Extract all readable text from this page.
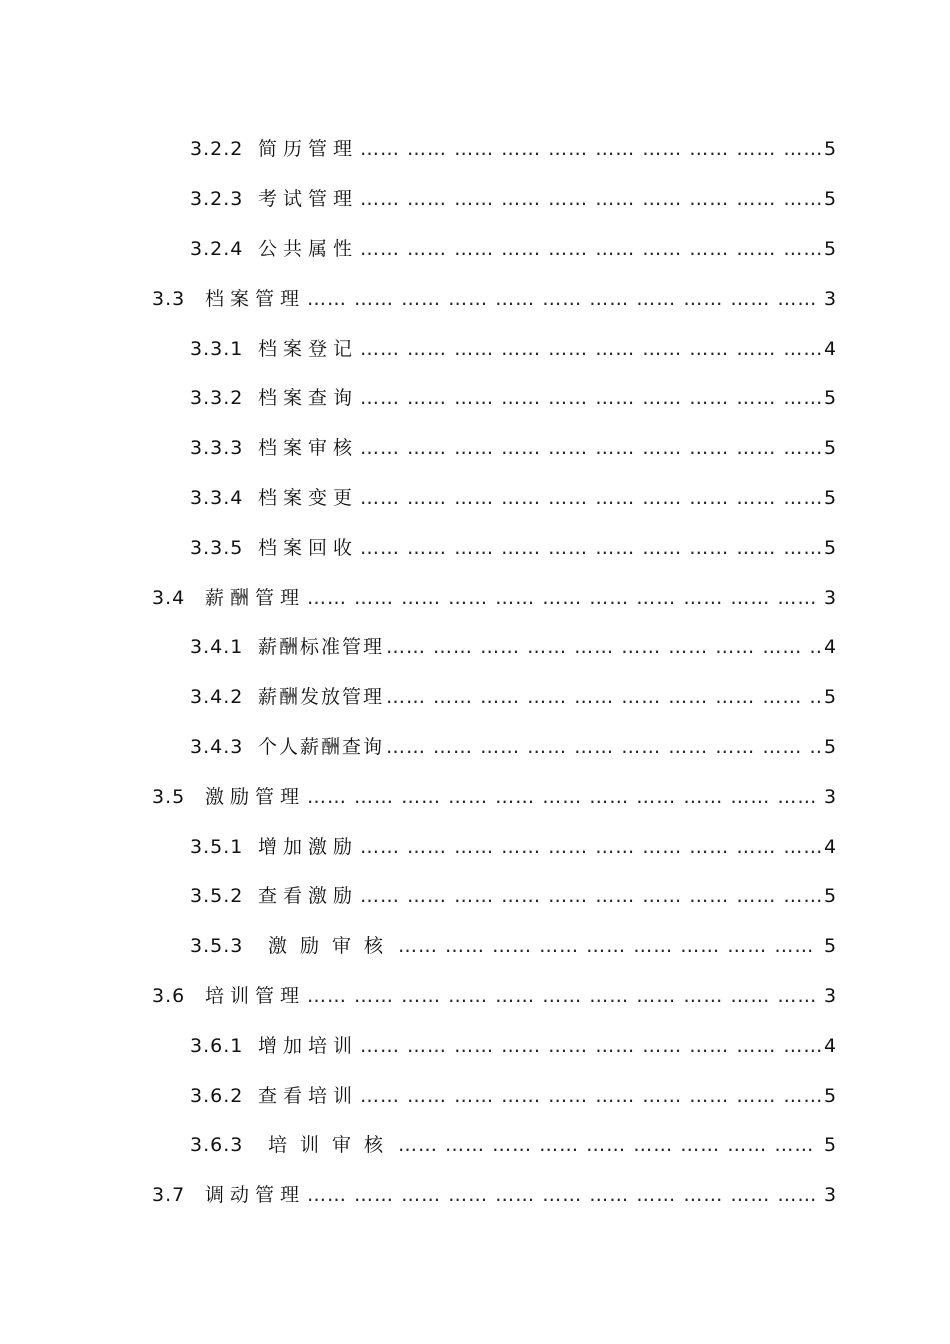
3.2.2 简历管理 …… …… …… …… …… …… …… …… …… …… …… …… …… …… …… …… …… …… …… …… …… …… …… …… …… ……	5
3.2.3 考试管理 …… …… …… …… …… …… …… …… …… …… …… …… …… …… …… …… …… …… …… …… …… …… …… …… …… ……	5
3.2.4 公共属性 …… …… …… …… …… …… …… …… …… …… …… …… …… …… …… …… …… …… …… …… …… …… …… …… …… ……	5
3.3	档案管理 …… …… …… …… …… …… …… …… …… …… …… …… …… …… …… …… …… …… …… …… …… …… …… …… …… ……	3
3.3.1 档案登记 …… …… …… …… …… …… …… …… …… …… …… …… …… …… …… …… …… …… …… …… …… …… …… …… …… ……	4
3.3.2 档案查询 …… …… …… …… …… …… …… …… …… …… …… …… …… …… …… …… …… …… …… …… …… …… …… …… …… ……	5
3.3.3 档案审核 …… …… …… …… …… …… …… …… …… …… …… …… …… …… …… …… …… …… …… …… …… …… …… …… …… ……	5
3.3.4 档案变更 …… …… …… …… …… …… …… …… …… …… …… …… …… …… …… …… …… …… …… …… …… …… …… …… …… ……	5
3.3.5 档案回收 …… …… …… …… …… …… …… …… …… …… …… …… …… …… …… …… …… …… …… …… …… …… …… …… …… ……	5
3.4	薪酬管理 …… …… …… …… …… …… …… …… …… …… …… …… …… …… …… …… …… …… …… …… …… …… …… …… …… ……	3
3.4.1 薪酬标准管理 …… …… …… …… …… …… …… …… …… …… …… …… …… …… …… …… …… …… …… …… …… …… …… …… …… ……	4
3.4.2 薪酬发放管理 …… …… …… …… …… …… …… …… …… …… …… …… …… …… …… …… …… …… …… …… …… …… …… …… …… ……	5
3.4.3 个人薪酬查询 …… …… …… …… …… …… …… …… …… …… …… …… …… …… …… …… …… …… …… …… …… …… …… …… …… ……	5
3.5	激励管理 …… …… …… …… …… …… …… …… …… …… …… …… …… …… …… …… …… …… …… …… …… …… …… …… …… ……	3
3.5.1 增加激励 …… …… …… …… …… …… …… …… …… …… …… …… …… …… …… …… …… …… …… …… …… …… …… …… …… ……	4
3.5.2 查看激励 …… …… …… …… …… …… …… …… …… …… …… …… …… …… …… …… …… …… …… …… …… …… …… …… …… ……	5
3.5.3	激励审核 …… …… …… …… …… …… …… …… …… …… …… …… …… …… …… …… …… …… …… …… …… …… …… …… …… ……	5
3.6	培训管理 …… …… …… …… …… …… …… …… …… …… …… …… …… …… …… …… …… …… …… …… …… …… …… …… …… ……	3
3.6.1 增加培训 …… …… …… …… …… …… …… …… …… …… …… …… …… …… …… …… …… …… …… …… …… …… …… …… …… ……	4
3.6.2 查看培训 …… …… …… …… …… …… …… …… …… …… …… …… …… …… …… …… …… …… …… …… …… …… …… …… …… ……	5
3.6.3	培训审核 …… …… …… …… …… …… …… …… …… …… …… …… …… …… …… …… …… …… …… …… …… …… …… …… …… ……	5
3.7	调动管理 …… …… …… …… …… …… …… …… …… …… …… …… …… …… …… …… …… …… …… …… …… …… …… …… …… ……	3
